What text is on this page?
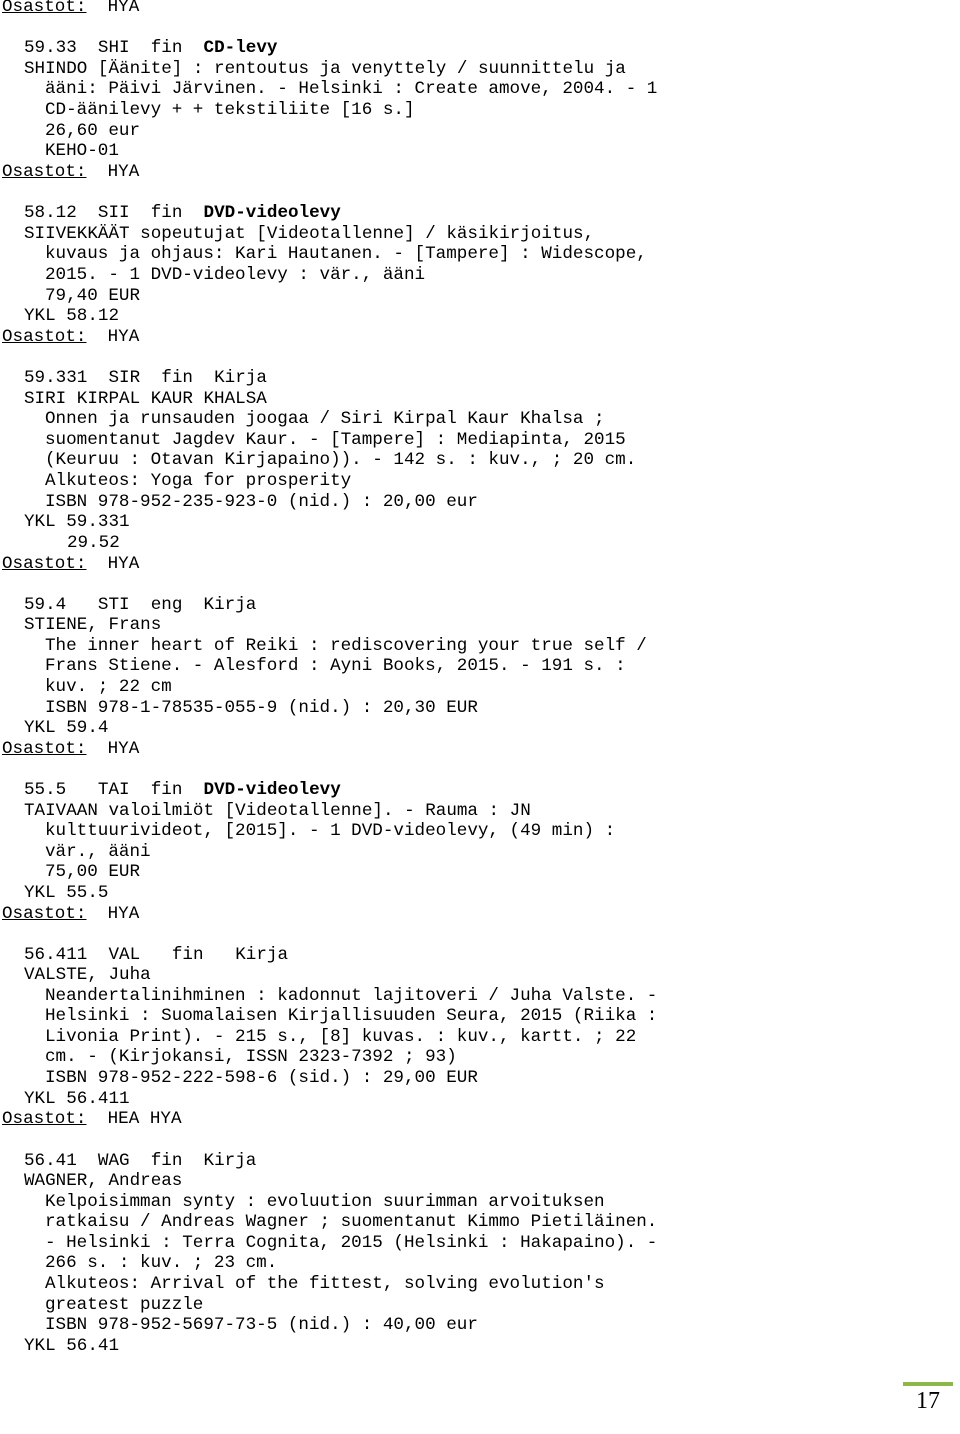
Osastot: HYA
59.33 SHI fin CD-levy
SHINDO [Äänite] : rentoutus ja venyttely / suunnittelu ja
ääni: Päivi Järvinen. - Helsinki : Create amove, 2004. - 1
CD-äänilevy + + tekstiliite [16 s.]
26,60 eur
KEHO-01
Osastot: HYA
58.12 SII fin DVD-videolevy
SIIVEKKÄÄT sopeutujat [Videotallenne] / käsikirjoitus,
kuvaus ja ohjaus: Kari Hautanen. - [Tampere] : Widescope,
2015. - 1 DVD-videolevy : vär., ääni
79,40 EUR
YKL 58.12
Osastot: HYA
59.331 SIR fin Kirja
SIRI KIRPAL KAUR KHALSA
Onnen ja runsauden joogaa / Siri Kirpal Kaur Khalsa ;
suomentanut Jagdev Kaur. - [Tampere] : Mediapinta, 2015
(Keuruu : Otavan Kirjapaino)). - 142 s. : kuv., ; 20 cm.
Alkuteos: Yoga for prosperity
ISBN 978-952-235-923-0 (nid.) : 20,00 eur
YKL 59.331
29.52
Osastot: HYA
59.4 STI eng Kirja
STIENE, Frans
The inner heart of Reiki : rediscovering your true self /
Frans Stiene. - Alesford : Ayni Books, 2015. - 191 s. :
kuv. ; 22 cm
ISBN 978-1-78535-055-9 (nid.) : 20,30 EUR
YKL 59.4
Osastot: HYA
55.5 TAI fin DVD-videolevy
TAIVAAN valoilmiöt [Videotallenne]. - Rauma : JN
kulttuurivideot, [2015]. - 1 DVD-videolevy, (49 min) :
vär., ääni
75,00 EUR
YKL 55.5
Osastot: HYA
56.411 VAL fin Kirja
VALSTE, Juha
Neandertalinihminen : kadonnut lajitoveri / Juha Valste. -
Helsinki : Suomalaisen Kirjallisuuden Seura, 2015 (Riika :
Livonia Print). - 215 s., [8] kuvas. : kuv., kartt. ; 22
cm. - (Kirjokansi, ISSN 2323-7392 ; 93)
ISBN 978-952-222-598-6 (sid.) : 29,00 EUR
YKL 56.411
Osastot: HEA HYA
56.41 WAG fin Kirja
WAGNER, Andreas
Kelpoisimman synty : evoluution suurimman arvoituksen
ratkaisu / Andreas Wagner ; suomentanut Kimmo Pietiläinen.
- Helsinki : Terra Cognita, 2015 (Helsinki : Hakapaino). -
266 s. : kuv. ; 23 cm.
Alkuteos: Arrival of the fittest, solving evolution's
greatest puzzle
ISBN 978-952-5697-73-5 (nid.) : 40,00 eur
YKL 56.41
17
